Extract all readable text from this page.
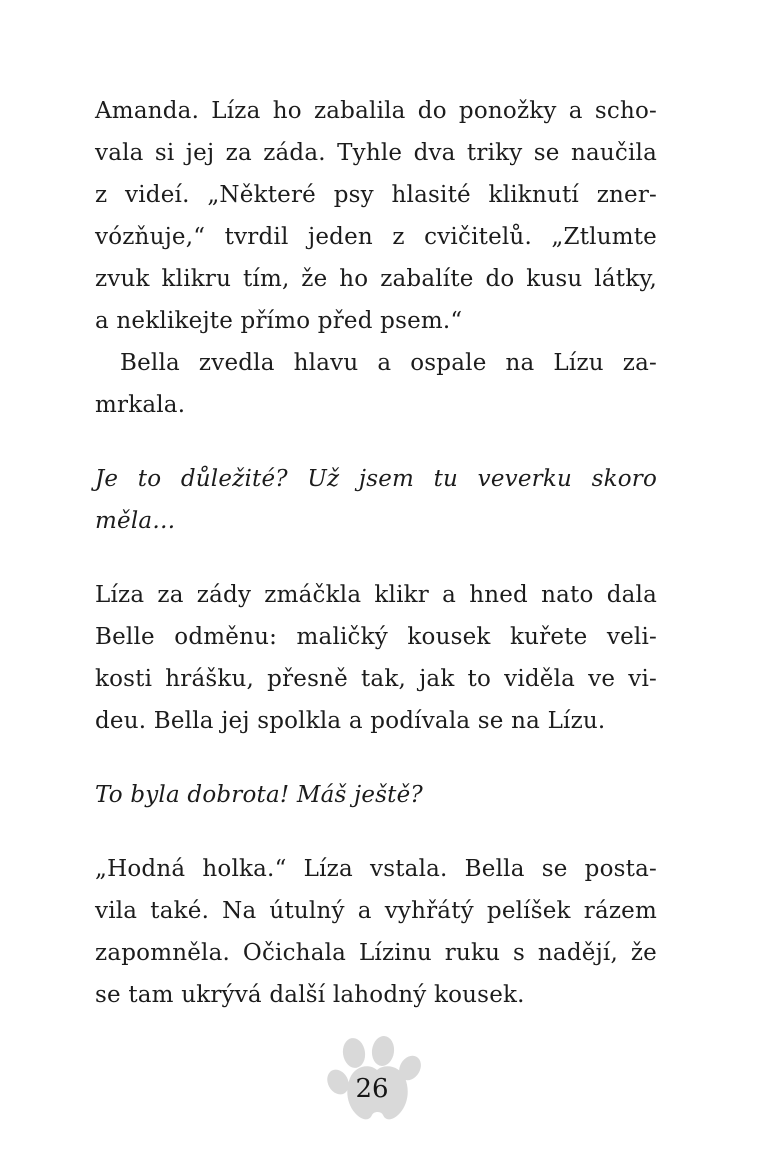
Amanda. Líza ho zabalila do ponožky a scho-
vala si jej za záda. Tyhle dva triky se naučila
z videí. „Některé psy hlasité kliknutí zner-
vózňuje,“ tvrdil jeden z cvičitelů. „Ztlumte
zvuk klikru tím, že ho zabalíte do kusu látky,
a neklikejte přímo před psem.“
Bella zvedla hlavu a ospale na Lízu za-
mrkala.
Je to důležité? Už jsem tu veverku skoro
měla…
Líza za zády zmáčkla klikr a hned nato dala
Belle odměnu: maličký kousek kuřete veli-
kosti hrášku, přesně tak, jak to viděla ve vi-
deu. Bella jej spolkla a podívala se na Lízu.
To byla dobrota! Máš ještě?
„Hodná holka.“ Líza vstala. Bella se posta-
vila také. Na útulný a vyhřátý pelíšek rázem
zapomněla. Očichala Lízinu ruku s nadějí, že
se tam ukrývá další lahodný kousek.
26
